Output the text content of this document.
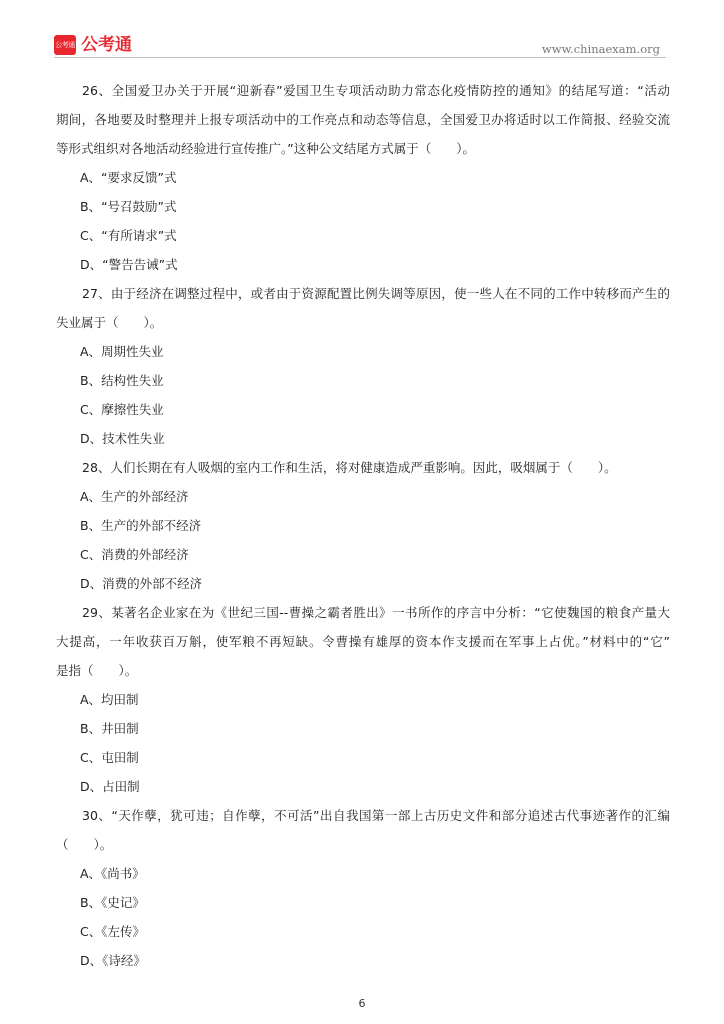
公考通 公考通	www.chinaexam.org
26、全国爱卫办关于开展“迎新春”爱国卫生专项活动助力常态化疫情防控的通知》的结尾写道：“活动
期间，各地要及时整理并上报专项活动中的工作亮点和动态等信息，全国爱卫办将适时以工作简报、经验交流
等形式组织对各地活动经验进行宣传推广。”这种公文结尾方式属于（　　）。
A、“要求反馈”式
B、“号召鼓励”式
C、“有所请求”式
D、“警告告诫”式
27、由于经济在调整过程中，或者由于资源配置比例失调等原因，使一些人在不同的工作中转移而产生的
失业属于（　　）。
A、周期性失业
B、结构性失业
C、摩擦性失业
D、技术性失业
28、人们长期在有人吸烟的室内工作和生活，将对健康造成严重影响。因此，吸烟属于（　　）。
A、生产的外部经济
B、生产的外部不经济
C、消费的外部经济
D、消费的外部不经济
29、某著名企业家在为《世纪三国--曹操之霸者胜出》一书所作的序言中分析：“它使魏国的粮食产量大
大提高，一年收获百万斛，使军粮不再短缺。令曹操有雄厚的资本作支援而在军事上占优。”材料中的“它”
是指（　　）。
A、均田制
B、井田制
C、屯田制
D、占田制
30、“天作孽，犹可违；自作孽，不可活”出自我国第一部上古历史文件和部分追述古代事迹著作的汇编
（　　）。
A、《尚书》
B、《史记》
C、《左传》
D、《诗经》
6
